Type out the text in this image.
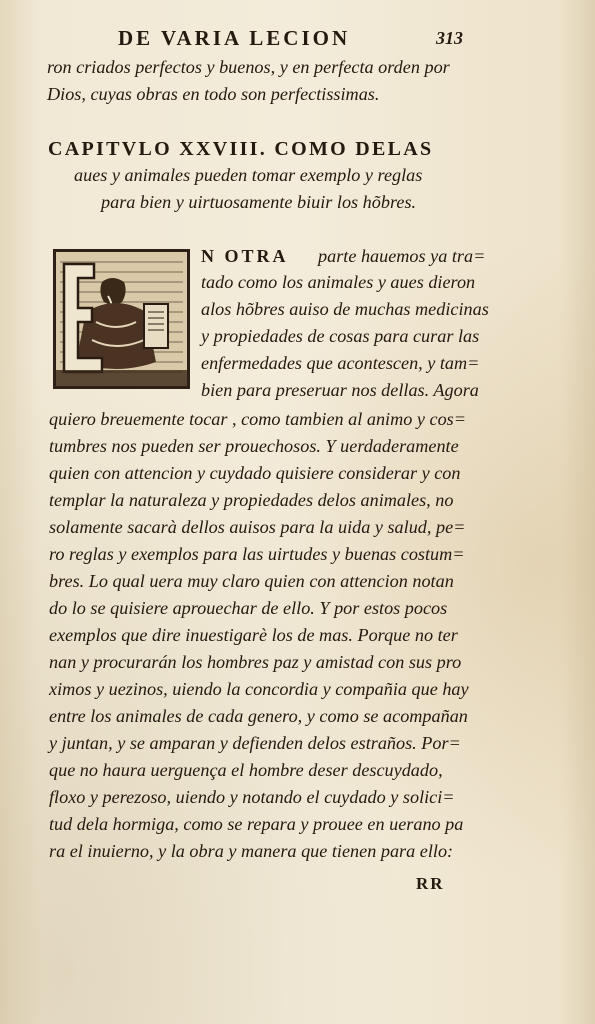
DE VARIA LECION	313
ron criados perfectos y buenos, y en perfecta orden por
Dios, cuyas obras en todo son perfectissimas.
CAPITVLO XXVIII. COMO DELAS
aues y animales pueden tomar exemplo y reglas
para bien y uirtuosamente biuir los hõbres.
N OTRA parte hauemos ya tra=
tado como los animales y aues dieron
alos hõbres auiso de muchas medicinas
y propiedades de cosas para curar las
enfermedades que acontescen, y tam=
bien para preseruar nos dellas. Agora
quiero breuemente tocar , como tambien al animo y cos=
tumbres nos pueden ser prouechosos. Y uerdaderamente
quien con attencion y cuydado quisiere considerar y con
templar la naturaleza y propiedades delos animales, no
solamente sacarà dellos auisos para la uida y salud, pe=
ro reglas y exemplos para las uirtudes y buenas costum=
bres. Lo qual uera muy claro quien con attencion notan
do lo se quisiere aprouechar de ello. Y por estos pocos
exemplos que dire inuestigarè los de mas. Porque no ter
nan y procurarán los hombres paz y amistad con sus pro
ximos y uezinos, uiendo la concordia y compañia que hay
entre los animales de cada genero, y como se acompañan
y juntan, y se amparan y defienden delos estraños. Por=
que no haura uerguença el hombre deser descuydado,
floxo y perezoso, uiendo y notando el cuydado y solici=
tud dela hormiga, como se repara y prouee en uerano pa
ra el inuierno, y la obra y manera que tienen para ello:
RR
